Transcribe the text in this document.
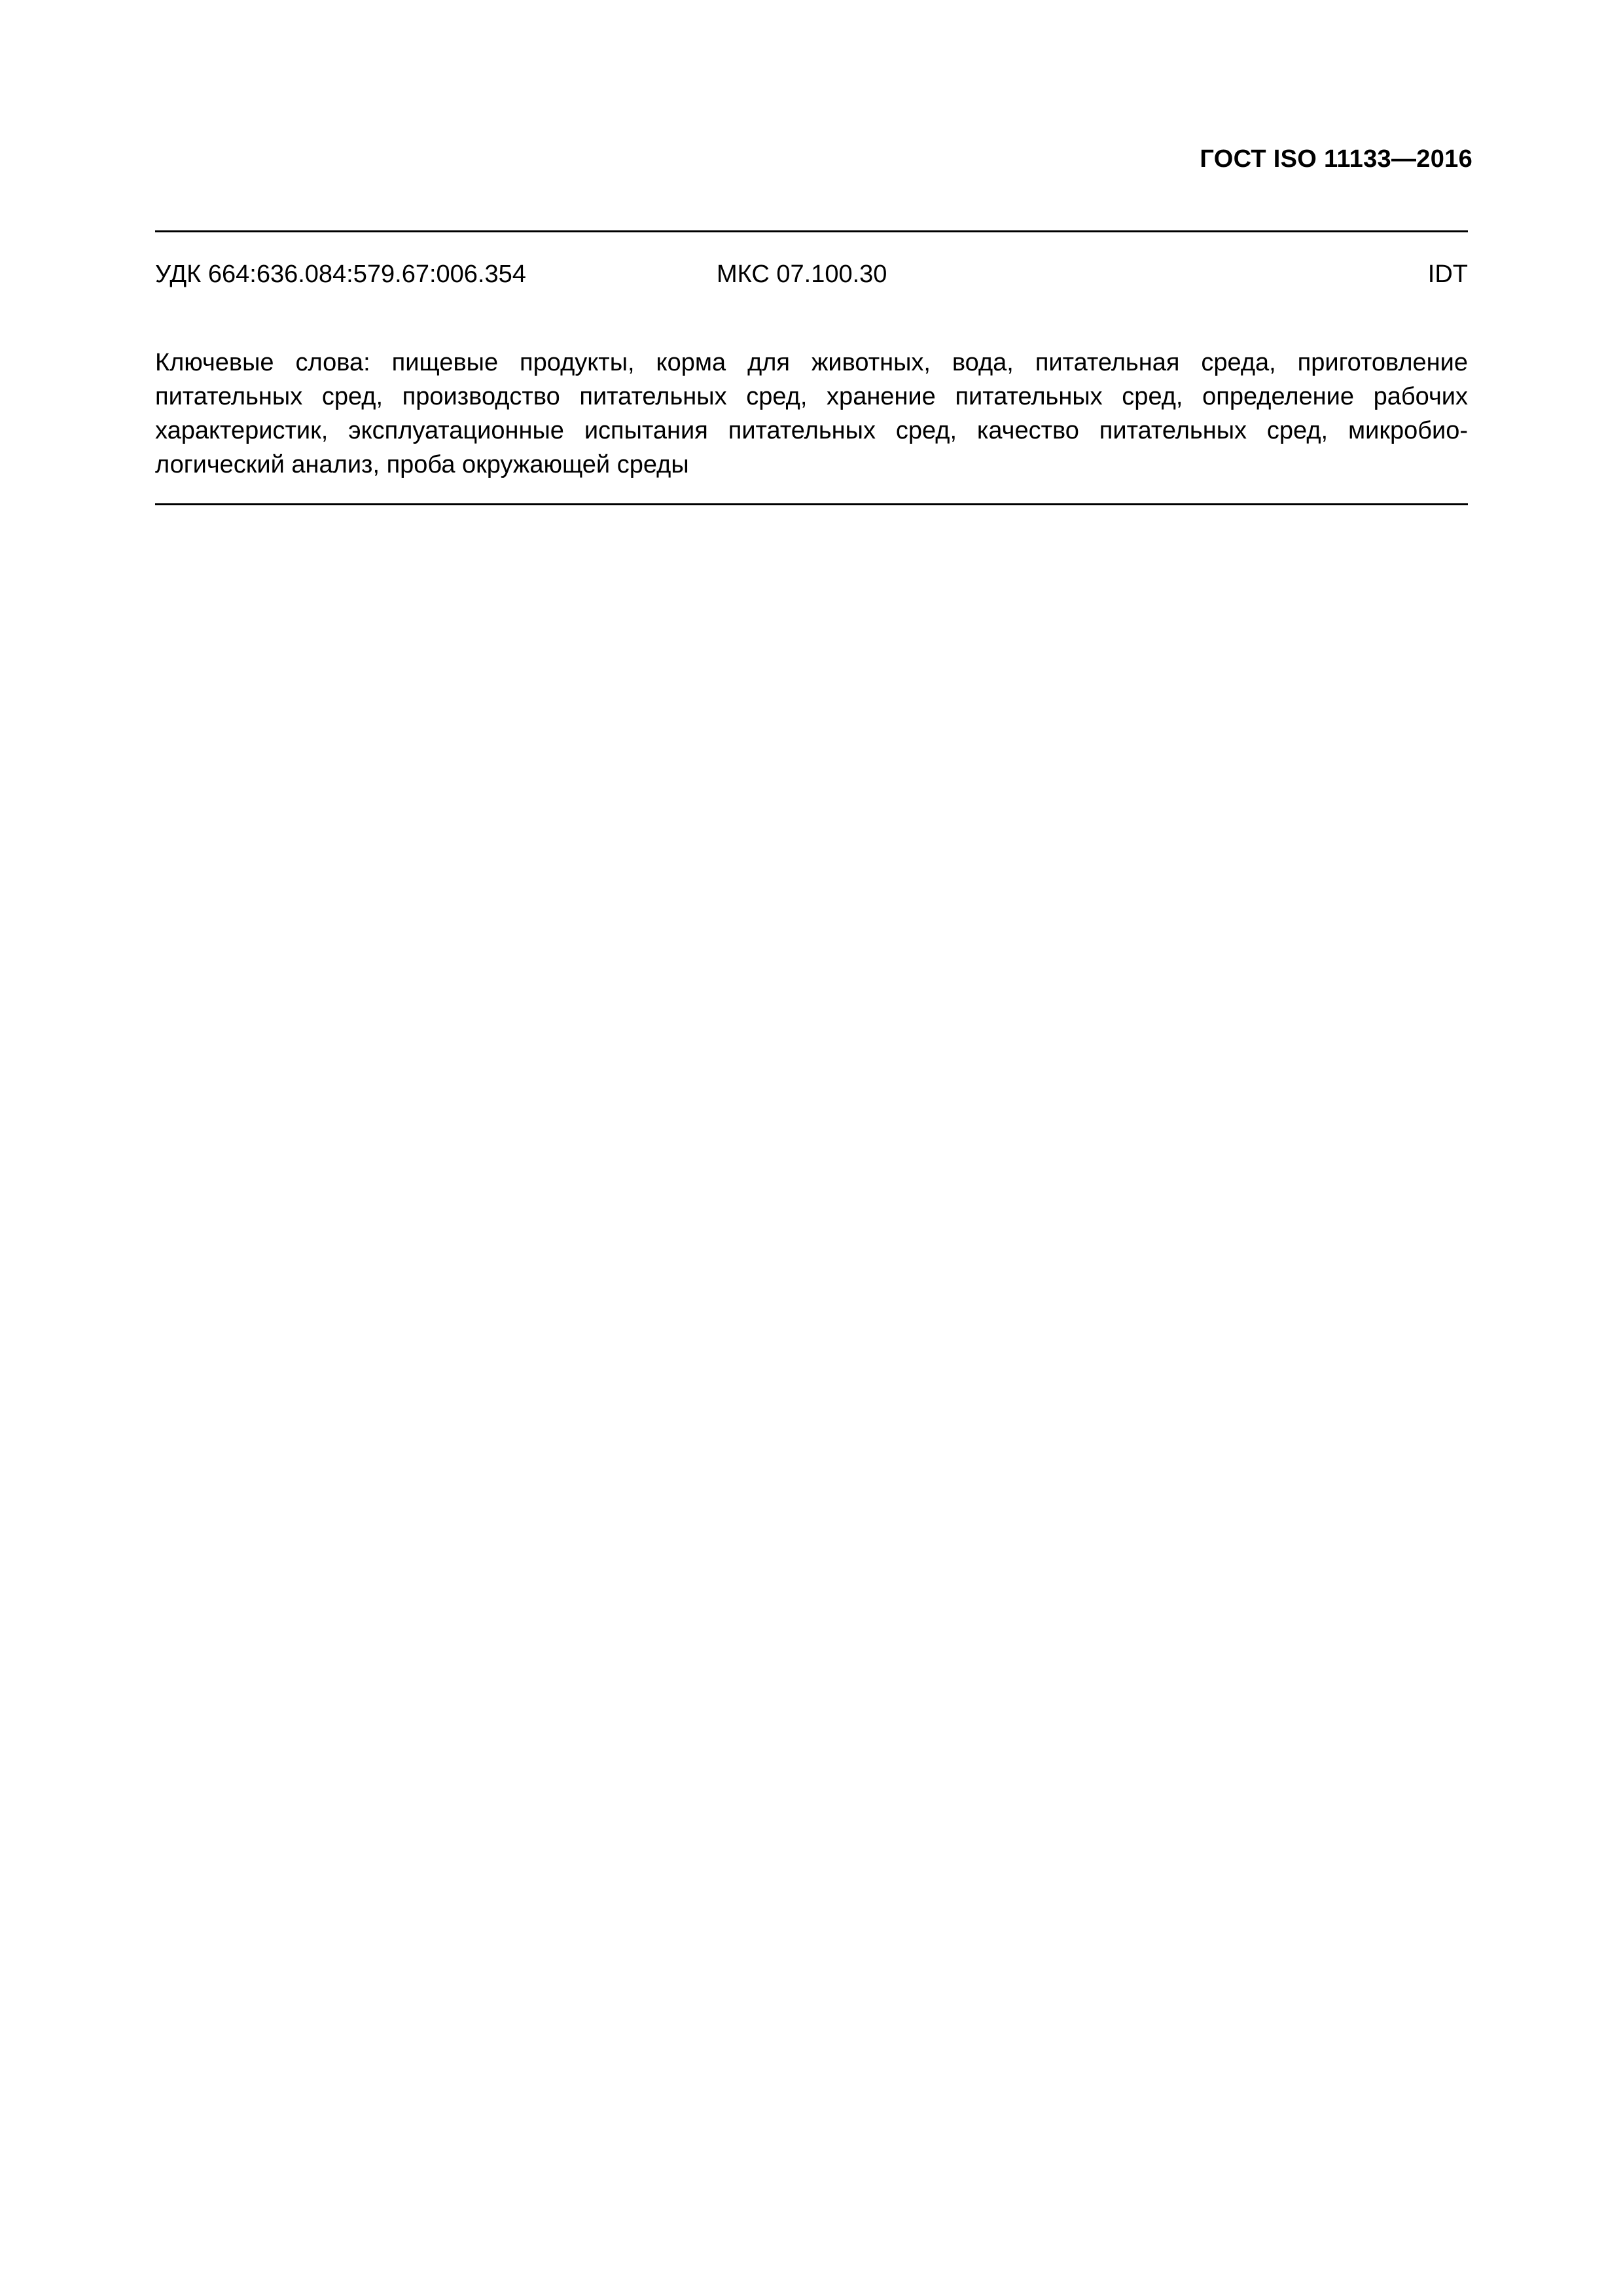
ГОСТ ISO 11133—2016
УДК 664:636.084:579.67:006.354	МКС 07.100.30	IDT
Ключевые слова: пищевые продукты, корма для животных, вода, питательная среда, приготовление
питательных сред, производство питательных сред, хранение питательных сред, определение рабочих
характеристик, эксплуатационные испытания питательных сред, качество питательных сред, микробио-
логический анализ, проба окружающей среды
